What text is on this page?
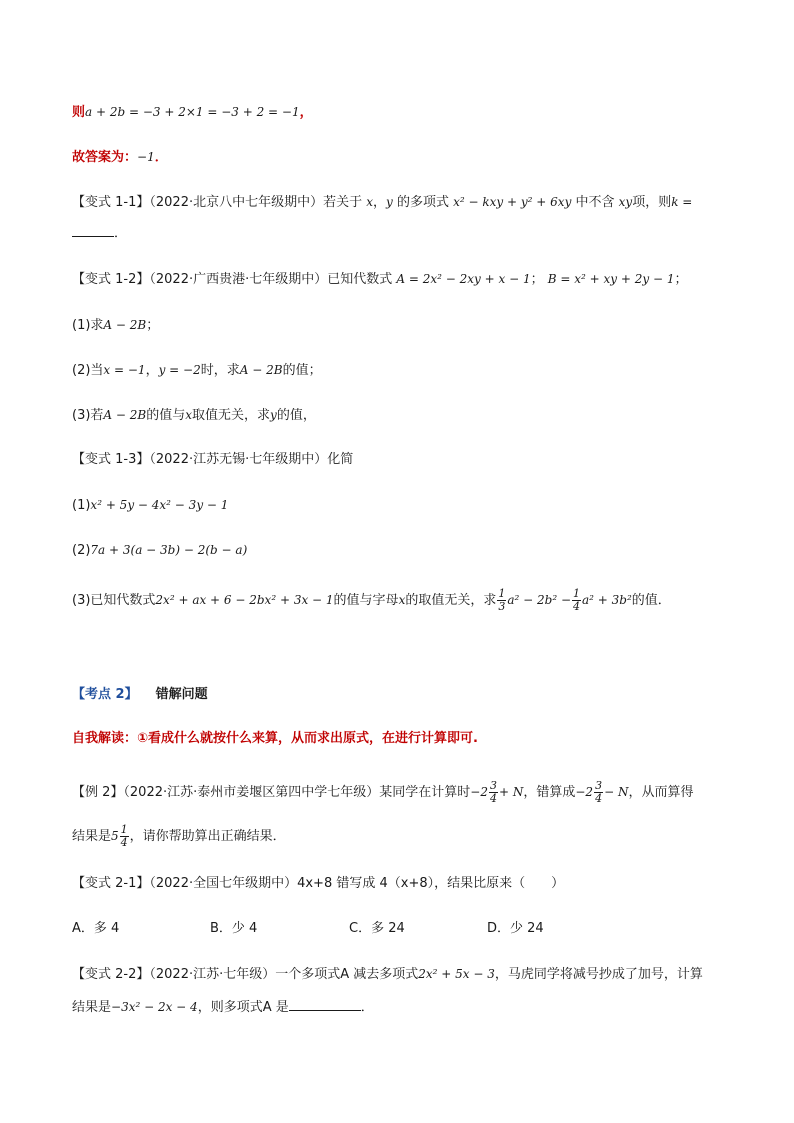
则a + 2b = −3 + 2×1 = −3 + 2 = −1，
故答案为：−1．
【变式 1-1】（2022·北京八中七年级期中）若关于 x，y 的多项式 x² − kxy + y² + 6xy 中不含 xy项，则k =
．
【变式 1-2】（2022·广西贵港·七年级期中）已知代数式 A = 2x² − 2xy + x − 1； B = x² + xy + 2y − 1；
(1)求A − 2B；
(2)当x = −1，y = −2时，求A − 2B的值；
(3)若A − 2B的值与x取值无关，求y的值，
【变式 1-3】（2022·江苏无锡·七年级期中）化简
(1)x² + 5y − 4x² − 3y − 1
(2)7a + 3(a − 3b) − 2(b − a)
(3)已知代数式2x² + ax + 6 − 2bx² + 3x − 1的值与字母x的取值无关，求 $\frac{1}{3} a^2 - 2b^2 - \frac{1}{4} a^2 + 3b^2$的值．
【考点 2】 错解问题
自我解读：①看成什么就按什么来算，从而求出原式，在进行计算即可.
【例 2】（2022·江苏·泰州市姜堰区第四中学七年级）某同学在计算时$-2 \frac{3}{4} + N$，错算成$-2 \frac{3}{4} - N$，从而算得
结果是$5 \frac{1}{4}$ ，请你帮助算出正确结果．
【变式 2-1】（2022·全国七年级期中）4x+8 错写成 4（x+8），结果比原来（　　）
A．多 4	B．少 4	C．多 24	D．少 24
【变式 2-2】（2022·江苏·七年级）一个多项式A 减去多项式2x² + 5x − 3，马虎同学将减号抄成了加号，计算
结果是−3x² − 2x − 4，则多项式A 是	．
